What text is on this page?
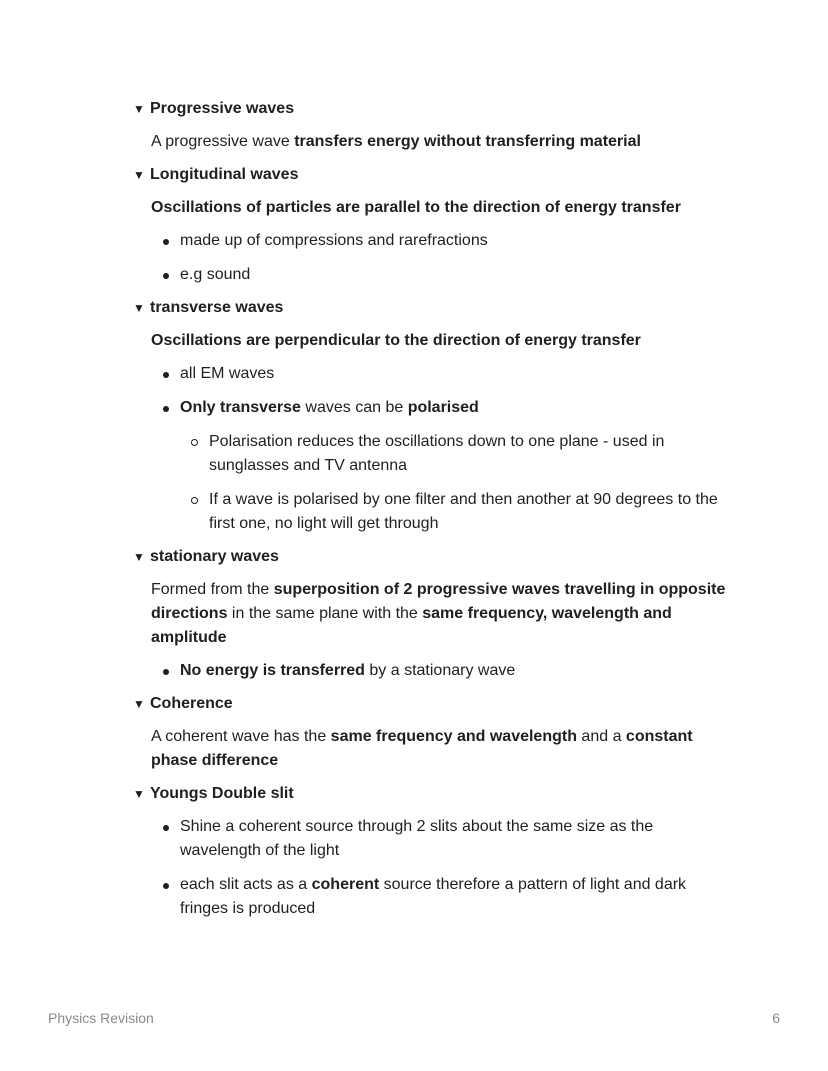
▼ Progressive waves

A progressive wave transfers energy without transferring material

▼ Longitudinal waves

Oscillations of particles are parallel to the direction of energy transfer

made up of compressions and rarefractions
e.g sound
▼ transverse waves

Oscillations are perpendicular to the direction of energy transfer

all EM waves
Only transverse waves can be polarised
Polarisation reduces the oscillations down to one plane - used in sunglasses and TV antenna
If a wave is polarised by one filter and then another at 90 degrees to the first one, no light will get through
▼ stationary waves

Formed from the superposition of 2 progressive waves travelling in opposite directions in the same plane with the same frequency, wavelength and amplitude

No energy is transferred by a stationary wave
▼ Coherence

A coherent wave has the same frequency and wavelength and a constant phase difference

▼ Youngs Double slit
Shine a coherent source through 2 slits about the same size as the wavelength of the light
each slit acts as a coherent source therefore a pattern of light and dark fringes is produced
Physics Revision	6
